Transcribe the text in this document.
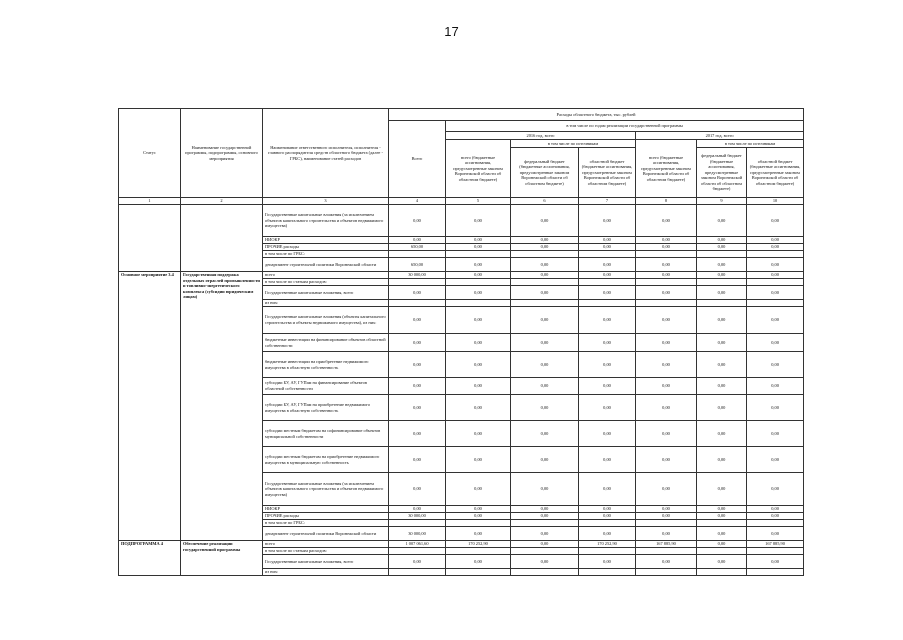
17
Статус	Наименование государственной программы, подпрограммы, основного мероприятия	Наименование ответственного исполнителя, исполнителя - главного распорядителя средств областного бюджета (далее - ГРБС), наименование статей расходов	Расходы областного бюджета, тыс. рублей						
			Всего	в том числе по годам реализации государственной программы					
				2016 год, всего			2017 год, всего		
				всего (бюджетные ассигнования, предусмотренные законом Воронежской области об областном бюджете)	в том числе по источникам		всего (бюджетные ассигнования, предусмотренные законом Воронежской области об областном бюджете)	в том числе по источникам	
					федеральный бюджет (бюджетные ассигнования, предусмотренные законом Воронежской области об областном бюджете)	областной бюджет (бюджетные ассигнования, предусмотренные законом Воронежской области об областном бюджете)		федеральный бюджет (бюджетные ассигнования, предусмотренные законом Воронежской области об областном бюджете)	областной бюджет (бюджетные ассигнования, предусмотренные законом Воронежской области об областном бюджете)
1	2	3	4	5	6	7	8	9	10
		Государственные капитальные вложения (за исключением объектов капитального строительства и объектов недвижимого имущества)	0,00	0,00	0,00	0,00	0,00	0,00	0,00
		НИОКР	0,00	0,00	0,00	0,00	0,00	0,00	0,00
		ПРОЧИЕ расходы	650,00	0,00	0,00	0,00	0,00	0,00	0,00
		в том числе по ГРБС:							
		департамент строительной политики Воронежской области	650,00	0,00	0,00	0,00	0,00	0,00	0,00
Основное мероприятие 3.4	Государственная поддержка отдельных отраслей промышленности и топливно-энергетического комплекса (субсидии юридическим лицам)	всего	30 000,00	0,00	0,00	0,00	0,00	0,00	0,00
		в том числе по статьям расходов:							
		Государственные капитальные вложения, всего	0,00	0,00	0,00	0,00	0,00	0,00	0,00
		из них:							
		Государственные капитальные вложения (объекты капитального строительства и объекты недвижимого имущества), из них:	0,00	0,00	0,00	0,00	0,00	0,00	0,00
		бюджетные инвестиции на финансирование объектов областной собственности	0,00	0,00	0,00	0,00	0,00	0,00	0,00
		бюджетные инвестиции на приобретение недвижимого имущества в областную собственность	0,00	0,00	0,00	0,00	0,00	0,00	0,00
		субсидии БУ, АУ, ГУПам на финансирование объектов областной собственности	0,00	0,00	0,00	0,00	0,00	0,00	0,00
		субсидии БУ, АУ, ГУПам на приобретение недвижимого имущества в областную собственность	0,00	0,00	0,00	0,00	0,00	0,00	0,00
		субсидии местным бюджетам на софинансирование объектов муниципальной собственности	0,00	0,00	0,00	0,00	0,00	0,00	0,00
		субсидии местным бюджетам на приобретение недвижимого имущества в муниципальную собственность	0,00	0,00	0,00	0,00	0,00	0,00	0,00
		Государственные капитальные вложения (за исключением объектов капитального строительства и объектов недвижимого имущества)	0,00	0,00	0,00	0,00	0,00	0,00	0,00
		НИОКР	0,00	0,00	0,00	0,00	0,00	0,00	0,00
		ПРОЧИЕ расходы	30 000,00	0,00	0,00	0,00	0,00	0,00	0,00
		в том числе по ГРБС:							
		департамент строительной политики Воронежской области	30 000,00	0,00	0,00	0,00	0,00	0,00	0,00
ПОДПРОГРАММА 4	Обеспечение реализации государственной программы	всего	1 007 061,60	170 252,90	0,00	170 252,90	167 885,90	0,00	167 885,90
		в том числе по статьям расходов:							
		Государственные капитальные вложения, всего	0,00	0,00	0,00	0,00	0,00	0,00	0,00
		из них:							
